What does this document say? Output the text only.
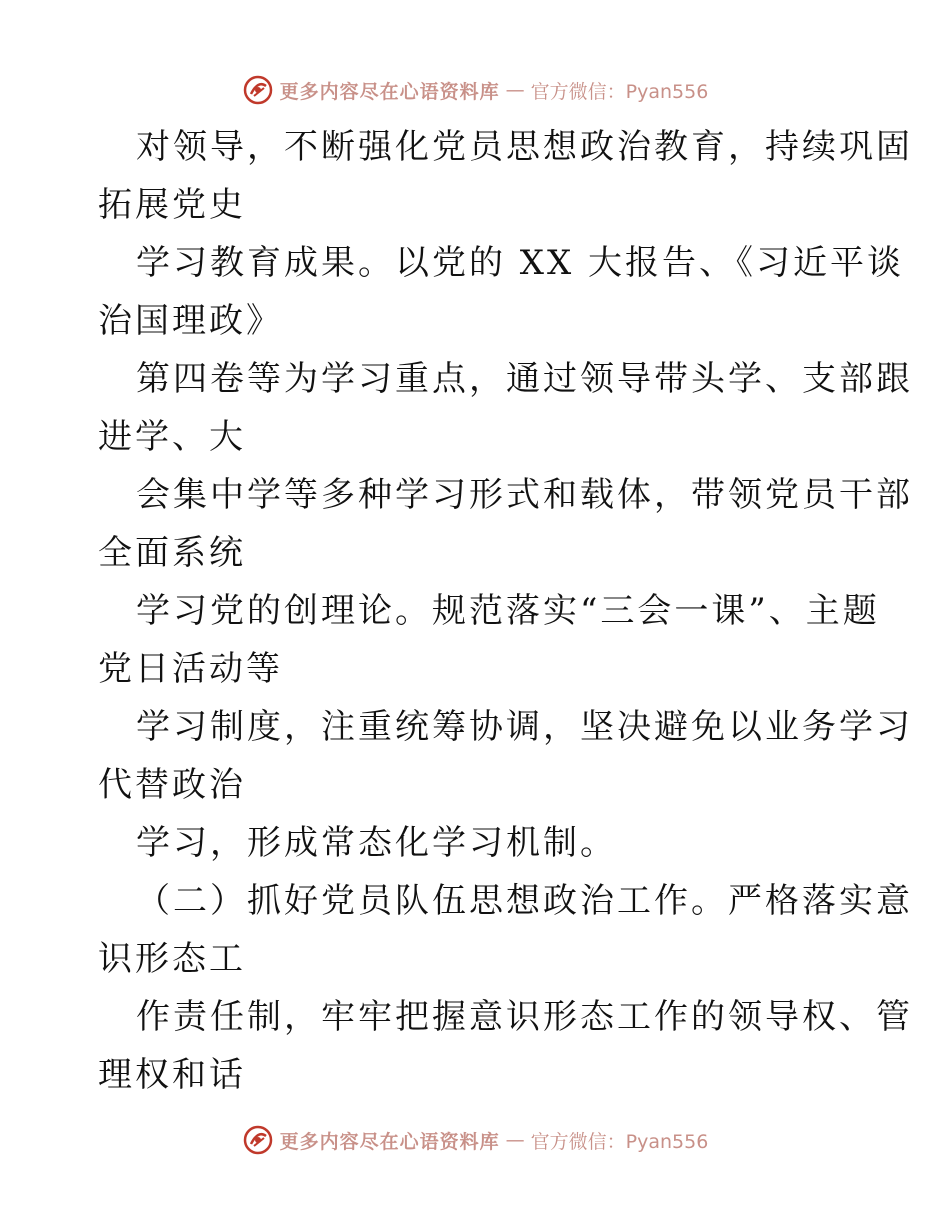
更多内容尽在心语资料库 — 官方微信：Pyan556
对领导，不断强化党员思想政治教育，持续巩固
拓展党史
学习教育成果。以党的 XX 大报告、《习近平谈
治国理政》
第四卷等为学习重点，通过领导带头学、支部跟
进学、大
会集中学等多种学习形式和载体，带领党员干部
全面系统
学习党的创理论。规范落实“三会一课”、主题
党日活动等
学习制度，注重统筹协调，坚决避免以业务学习
代替政治
学习，形成常态化学习机制。
（二）抓好党员队伍思想政治工作。严格落实意
识形态工
作责任制，牢牢把握意识形态工作的领导权、管
理权和话
更多内容尽在心语资料库 — 官方微信：Pyan556
